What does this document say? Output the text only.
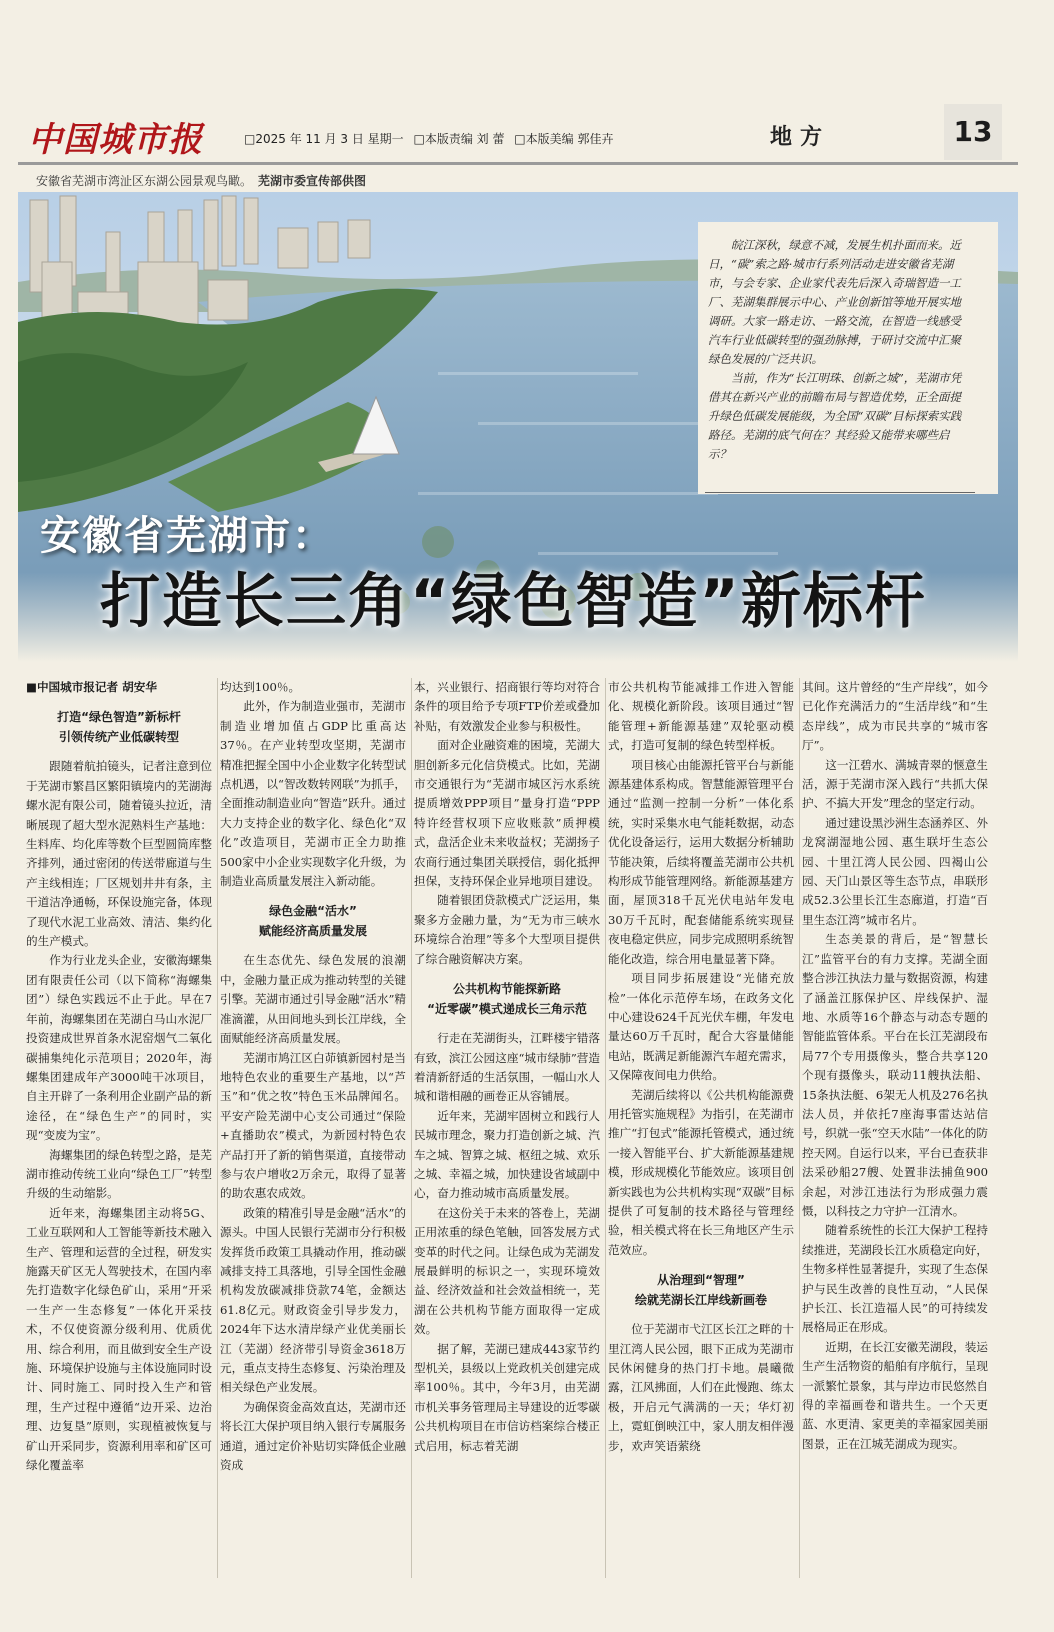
中国城市报	□2025 年 11 月 3 日 星期一 □本版责编 刘 蕾 □本版美编 郭佳卉	地方	13
安徽省芜湖市湾沚区东湖公园景观鸟瞰。 芜湖市委宣传部供图
安徽省芜湖市：
打造长三角“绿色智造”新标杆

皖江深秋，绿意不减，发展生机扑面而来。近日，“碳”索之路·城市行系列活动走进安徽省芜湖市，与会专家、企业家代表先后深入奇瑞智造一工厂、芜湖集群展示中心、产业创新馆等地开展实地调研。大家一路走访、一路交流，在智造一线感受汽车行业低碳转型的强劲脉搏，于研讨交流中汇聚绿色发展的广泛共识。

当前，作为“长江明珠、创新之城”，芜湖市凭借其在新兴产业的前瞻布局与智造优势，正全面提升绿色低碳发展能级，为全国“双碳”目标探索实践路径。芜湖的底气何在？其经验又能带来哪些启示？

■中国城市报记者 胡安华

打造“绿色智造”新标杆
引领传统产业低碳转型

跟随着航拍镜头，记者注意到位于芜湖市繁昌区繁阳镇境内的芜湖海螺水泥有限公司，随着镜头拉近，清晰展现了超大型水泥熟料生产基地：生料库、均化库等数个巨型圆筒库整齐排列，通过密闭的传送带廊道与生产主线相连；厂区规划井井有条，主干道洁净通畅，环保设施完备，体现了现代水泥工业高效、清洁、集约化的生产模式。

作为行业龙头企业，安徽海螺集团有限责任公司（以下简称“海螺集团”）绿色实践远不止于此。早在7年前，海螺集团在芜湖白马山水泥厂投资建成世界首条水泥窑烟气二氧化碳捕集纯化示范项目；2020年，海螺集团建成年产3000吨干冰项目，自主开辟了一条利用企业副产品的新途径，在“绿色生产”的同时，实现“变废为宝”。

海螺集团的绿色转型之路，是芜湖市推动传统工业向“绿色工厂”转型升级的生动缩影。

近年来，海螺集团主动将5G、工业互联网和人工智能等新技术融入生产、管理和运营的全过程，研发实施露天矿区无人驾驶技术，在国内率先打造数字化绿色矿山，采用“开采一生产一生态修复”一体化开采技术，不仅使资源分级利用、优质优用、综合利用，而且做到安全生产设施、环境保护设施与主体设施同时设计、同时施工、同时投入生产和管理，生产过程中遵循“边开采、边治理、边复垦”原则，实现植被恢复与矿山开采同步，资源利用率和矿区可绿化覆盖率

均达到100％。

此外，作为制造业强市，芜湖市制造业增加值占GDP比重高达37％。在产业转型攻坚期，芜湖市精准把握全国中小企业数字化转型试点机遇，以“智改数转网联”为抓手，全面推动制造业向“智造”跃升。通过大力支持企业的数字化、绿色化“双化”改造项目，芜湖市正全力助推500家中小企业实现数字化升级，为制造业高质量发展注入新动能。

绿色金融“活水”
赋能经济高质量发展

在生态优先、绿色发展的浪潮中，金融力量正成为推动转型的关键引擎。芜湖市通过引导金融“活水”精准滴灌，从田间地头到长江岸线，全面赋能经济高质量发展。

芜湖市鸠江区白茆镇新园村是当地特色农业的重要生产基地，以“芦玉”和“优之牧”特色玉米品牌闻名。平安产险芜湖中心支公司通过“保险+直播助农”模式，为新园村特色农产品打开了新的销售渠道，直接带动参与农户增收2万余元，取得了显著的助农惠农成效。

政策的精准引导是金融“活水”的源头。中国人民银行芜湖市分行积极发挥货币政策工具撬动作用，推动碳减排支持工具落地，引导全国性金融机构发放碳减排贷款74笔，金额达61.8亿元。财政资金引导步发力，2024年下达水清岸绿产业优美丽长江（芜湖）经济带引导资金3618万元，重点支持生态修复、污染治理及相关绿色产业发展。

为确保资金高效直达，芜湖市还将长江大保护项目纳入银行专属服务通道，通过定价补贴切实降低企业融资成

本，兴业银行、招商银行等均对符合条件的项目给予专项FTP价差或叠加补贴，有效激发企业参与积极性。

面对企业融资难的困境，芜湖大胆创新多元化信贷模式。比如，芜湖市交通银行为“芜湖市城区污水系统提质增效PPP项目”量身打造“PPP特许经营权项下应收账款”质押模式，盘活企业未来收益权；芜湖扬子农商行通过集团关联授信，弱化抵押担保，支持环保企业异地项目建设。

随着银团贷款模式广泛运用，集聚多方金融力量，为“无为市三峡水环境综合治理”等多个大型项目提供了综合融资解决方案。

公共机构节能探新路
“近零碳”模式递成长三角示范

行走在芜湖街头，江畔楼宇错落有致，滨江公园这座“城市绿肺”营造着清新舒适的生活氛围，一幅山水人城和谐相融的画卷正从容铺展。

近年来，芜湖牢固树立和践行人民城市理念，聚力打造创新之城、汽车之城、智算之城、枢纽之城、欢乐之城、幸福之城，加快建设省域副中心，奋力推动城市高质量发展。

在这份关于未来的答卷上，芜湖正用浓重的绿色笔触，回答发展方式变革的时代之问。让绿色成为芜湖发展最鲜明的标识之一，实现环境效益、经济效益和社会效益相统一，芜湖在公共机构节能方面取得一定成效。

据了解，芜湖已建成443家节约型机关，县级以上党政机关创建完成率100％。其中，今年3月，由芜湖市机关事务管理局主导建设的近零碳公共机构项目在市信访档案综合楼正式启用，标志着芜湖

市公共机构节能减排工作进入智能化、规模化新阶段。该项目通过“智能管理+新能源基建”双轮驱动模式，打造可复制的绿色转型样板。

项目核心由能源托管平台与新能源基建体系构成。智慧能源管理平台通过“监测一控制一分析”一体化系统，实时采集水电气能耗数据，动态优化设备运行，运用大数据分析辅助节能决策，后续将覆盖芜湖市公共机构形成节能管理网络。新能源基建方面，屋顶318千瓦光伏电站年发电30万千瓦时，配套储能系统实现昼夜电稳定供应，同步完成照明系统智能化改造，综合用电量显著下降。

项目同步拓展建设“光储充放检”一体化示范停车场，在政务文化中心建设624千瓦光伏车棚，年发电量达60万千瓦时，配合大容量储能电站，既满足新能源汽车超充需求，又保障夜间电力供给。

芜湖后续将以《公共机构能源费用托管实施规程》为指引，在芜湖市推广“打包式”能源托管模式，通过统一接入智能平台、扩大新能源基建规模，形成规模化节能效应。该项目创新实践也为公共机构实现“双碳”目标提供了可复制的技术路径与管理经验，相关模式将在长三角地区产生示范效应。

从治理到“智理”
绘就芜湖长江岸线新画卷

位于芜湖市弋江区长江之畔的十里江湾人民公园，眼下正成为芜湖市民休闲健身的热门打卡地。晨曦微露，江风拂面，人们在此慢跑、练太极，开启元气满满的一天；华灯初上，霓虹倒映江中，家人朋友相伴漫步，欢声笑语萦绕

其间。这片曾经的“生产岸线”，如今已化作充满活力的“生活岸线”和“生态岸线”，成为市民共享的“城市客厅”。

这一江碧水、满城青翠的惬意生活，源于芜湖市深入践行“共抓大保护、不搞大开发”理念的坚定行动。

通过建设黑沙洲生态涵养区、外龙窝湖湿地公园、惠生联圩生态公园、十里江湾人民公园、四褐山公园、天门山景区等生态节点，串联形成52.3公里长江生态廊道，打造“百里生态江湾”城市名片。

生态美景的背后，是“智慧长江”监管平台的有力支撑。芜湖全面整合涉江执法力量与数据资源，构建了涵盖江豚保护区、岸线保护、湿地、水质等16个静态与动态专题的智能监管体系。平台在长江芜湖段布局77个专用摄像头，整合共享120个现有摄像头，联动11艘执法船、15条执法艇、6架无人机及276名执法人员，并依托7座海事雷达站信号，织就一张“空天水陆”一体化的防控天网。自运行以来，平台已查获非法采砂船27艘、处置非法捕鱼900余起，对涉江违法行为形成强力震慑，以科技之力守护一江清水。

随着系统性的长江大保护工程持续推进，芜湖段长江水质稳定向好，生物多样性显著提升，实现了生态保护与民生改善的良性互动，“人民保护长江、长江造福人民”的可持续发展格局正在形成。

近期，在长江安徽芜湖段，装运生产生活物资的船舶有序航行，呈现一派繁忙景象，其与岸边市民悠然自得的幸福画卷和谐共生。一个天更蓝、水更清、家更美的幸福家园美丽图景，正在江城芜湖成为现实。
